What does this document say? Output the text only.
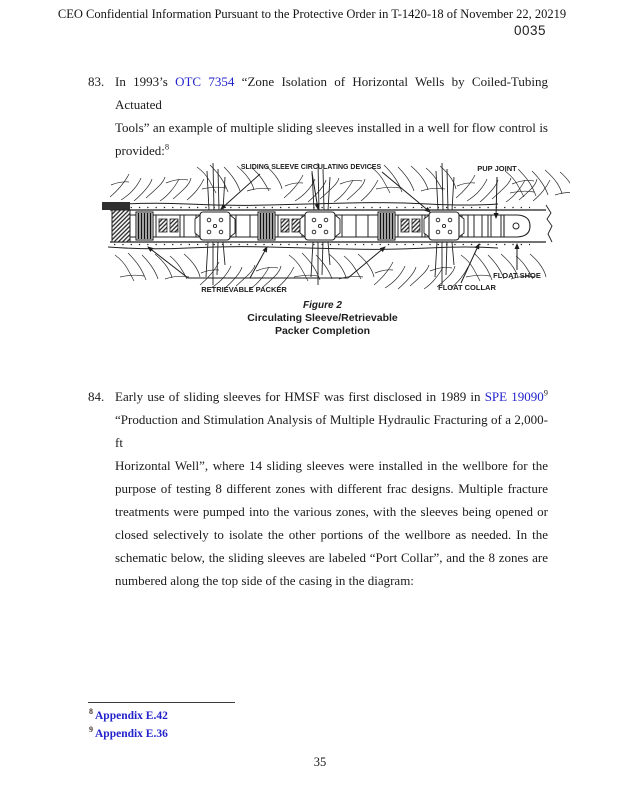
CEO Confidential Information Pursuant to the Protective Order in T-1420-18 of November 22, 20219
0035
83. In 1993’s OTC 7354 “Zone Isolation of Horizontal Wells by Coiled-Tubing Actuated
Tools” an example of multiple sliding sleeves installed in a well for flow control is
provided:$^8$
SLIDING SLEEVE CIRCULATING DEVICES	PUP JOINT
RETRIEVABLE PACKER	FLOAT COLLAR
FLOAT SHOE
Figure 2
Circulating Sleeve/Retrievable
Packer Completion
84. Early use of sliding sleeves for HMSF was first disclosed in 1989 in SPE 19090$^9$
“Production and Stimulation Analysis of Multiple Hydraulic Fracturing of a 2,000-ft
Horizontal Well”, where 14 sliding sleeves were installed in the wellbore for the
purpose of testing 8 different zones with different frac designs. Multiple fracture
treatments were pumped into the various zones, with the sleeves being opened or
closed selectively to isolate the other portions of the wellbore as needed. In the
schematic below, the sliding sleeves are labeled “Port Collar”, and the 8 zones are
numbered along the top side of the casing in the diagram:
$^8$ Appendix E.42
$^9$ Appendix E.36
35
